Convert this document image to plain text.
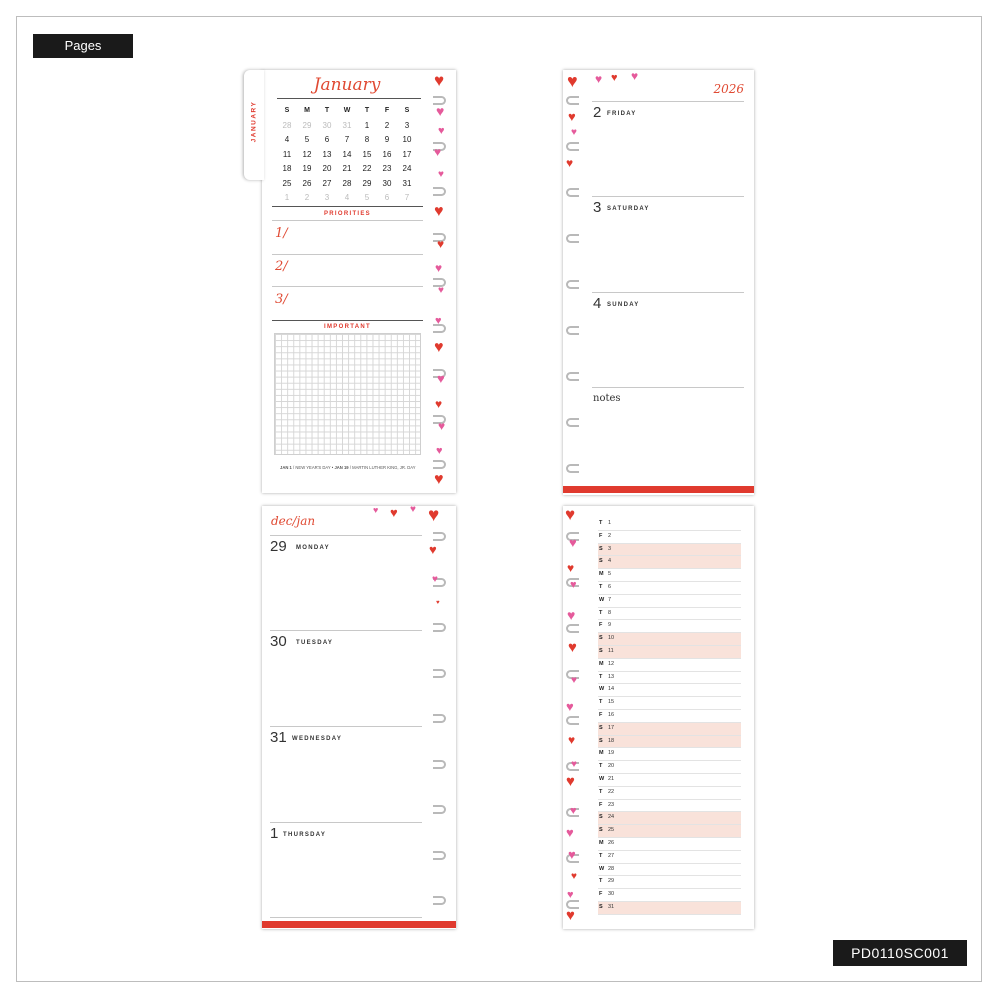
Pages
PD0110SC001
JANUARY
January
S	M	T	W	T	F	S
28	29	30	31	1	2	3
4	5	6	7	8	9	10
11	12	13	14	15	16	17
18	19	20	21	22	23	24
25	26	27	28	29	30	31
1	2	3	4	5	6	7
PRIORITIES
1/
2/
3/
IMPORTANT
JAN 1 / NEW YEAR'S DAY • JAN 19 / MARTIN LUTHER KING, JR. DAY
2026
2 FRIDAY
3 SATURDAY
4 SUNDAY
notes
dec/jan
29 MONDAY
30 TUESDAY
31 WEDNESDAY
1 THURSDAY
T 1
F 2
S 3
S 4
M 5
T 6
W 7
T 8
F 9
S 10
S 11
M 12
T 13
W 14
T 15
F 16
S 17
S 18
M 19
T 20
W 21
T 22
F 23
S 24
S 25
M 26
T 27
W 28
T 29
F 30
S 31
♥
♥
♥
♥
♥
♥
♥
♥
♥
♥
♥
♥
♥
♥
♥
♥
♥ ♥ ♥ ♥
♥
♥
♥
♥ ♥ ♥ ♥
♥
♥
♥
♥
♥
♥
♥
♥
♥
♥
♥
♥
♥
♥
♥
♥
♥
♥
♥
♥
